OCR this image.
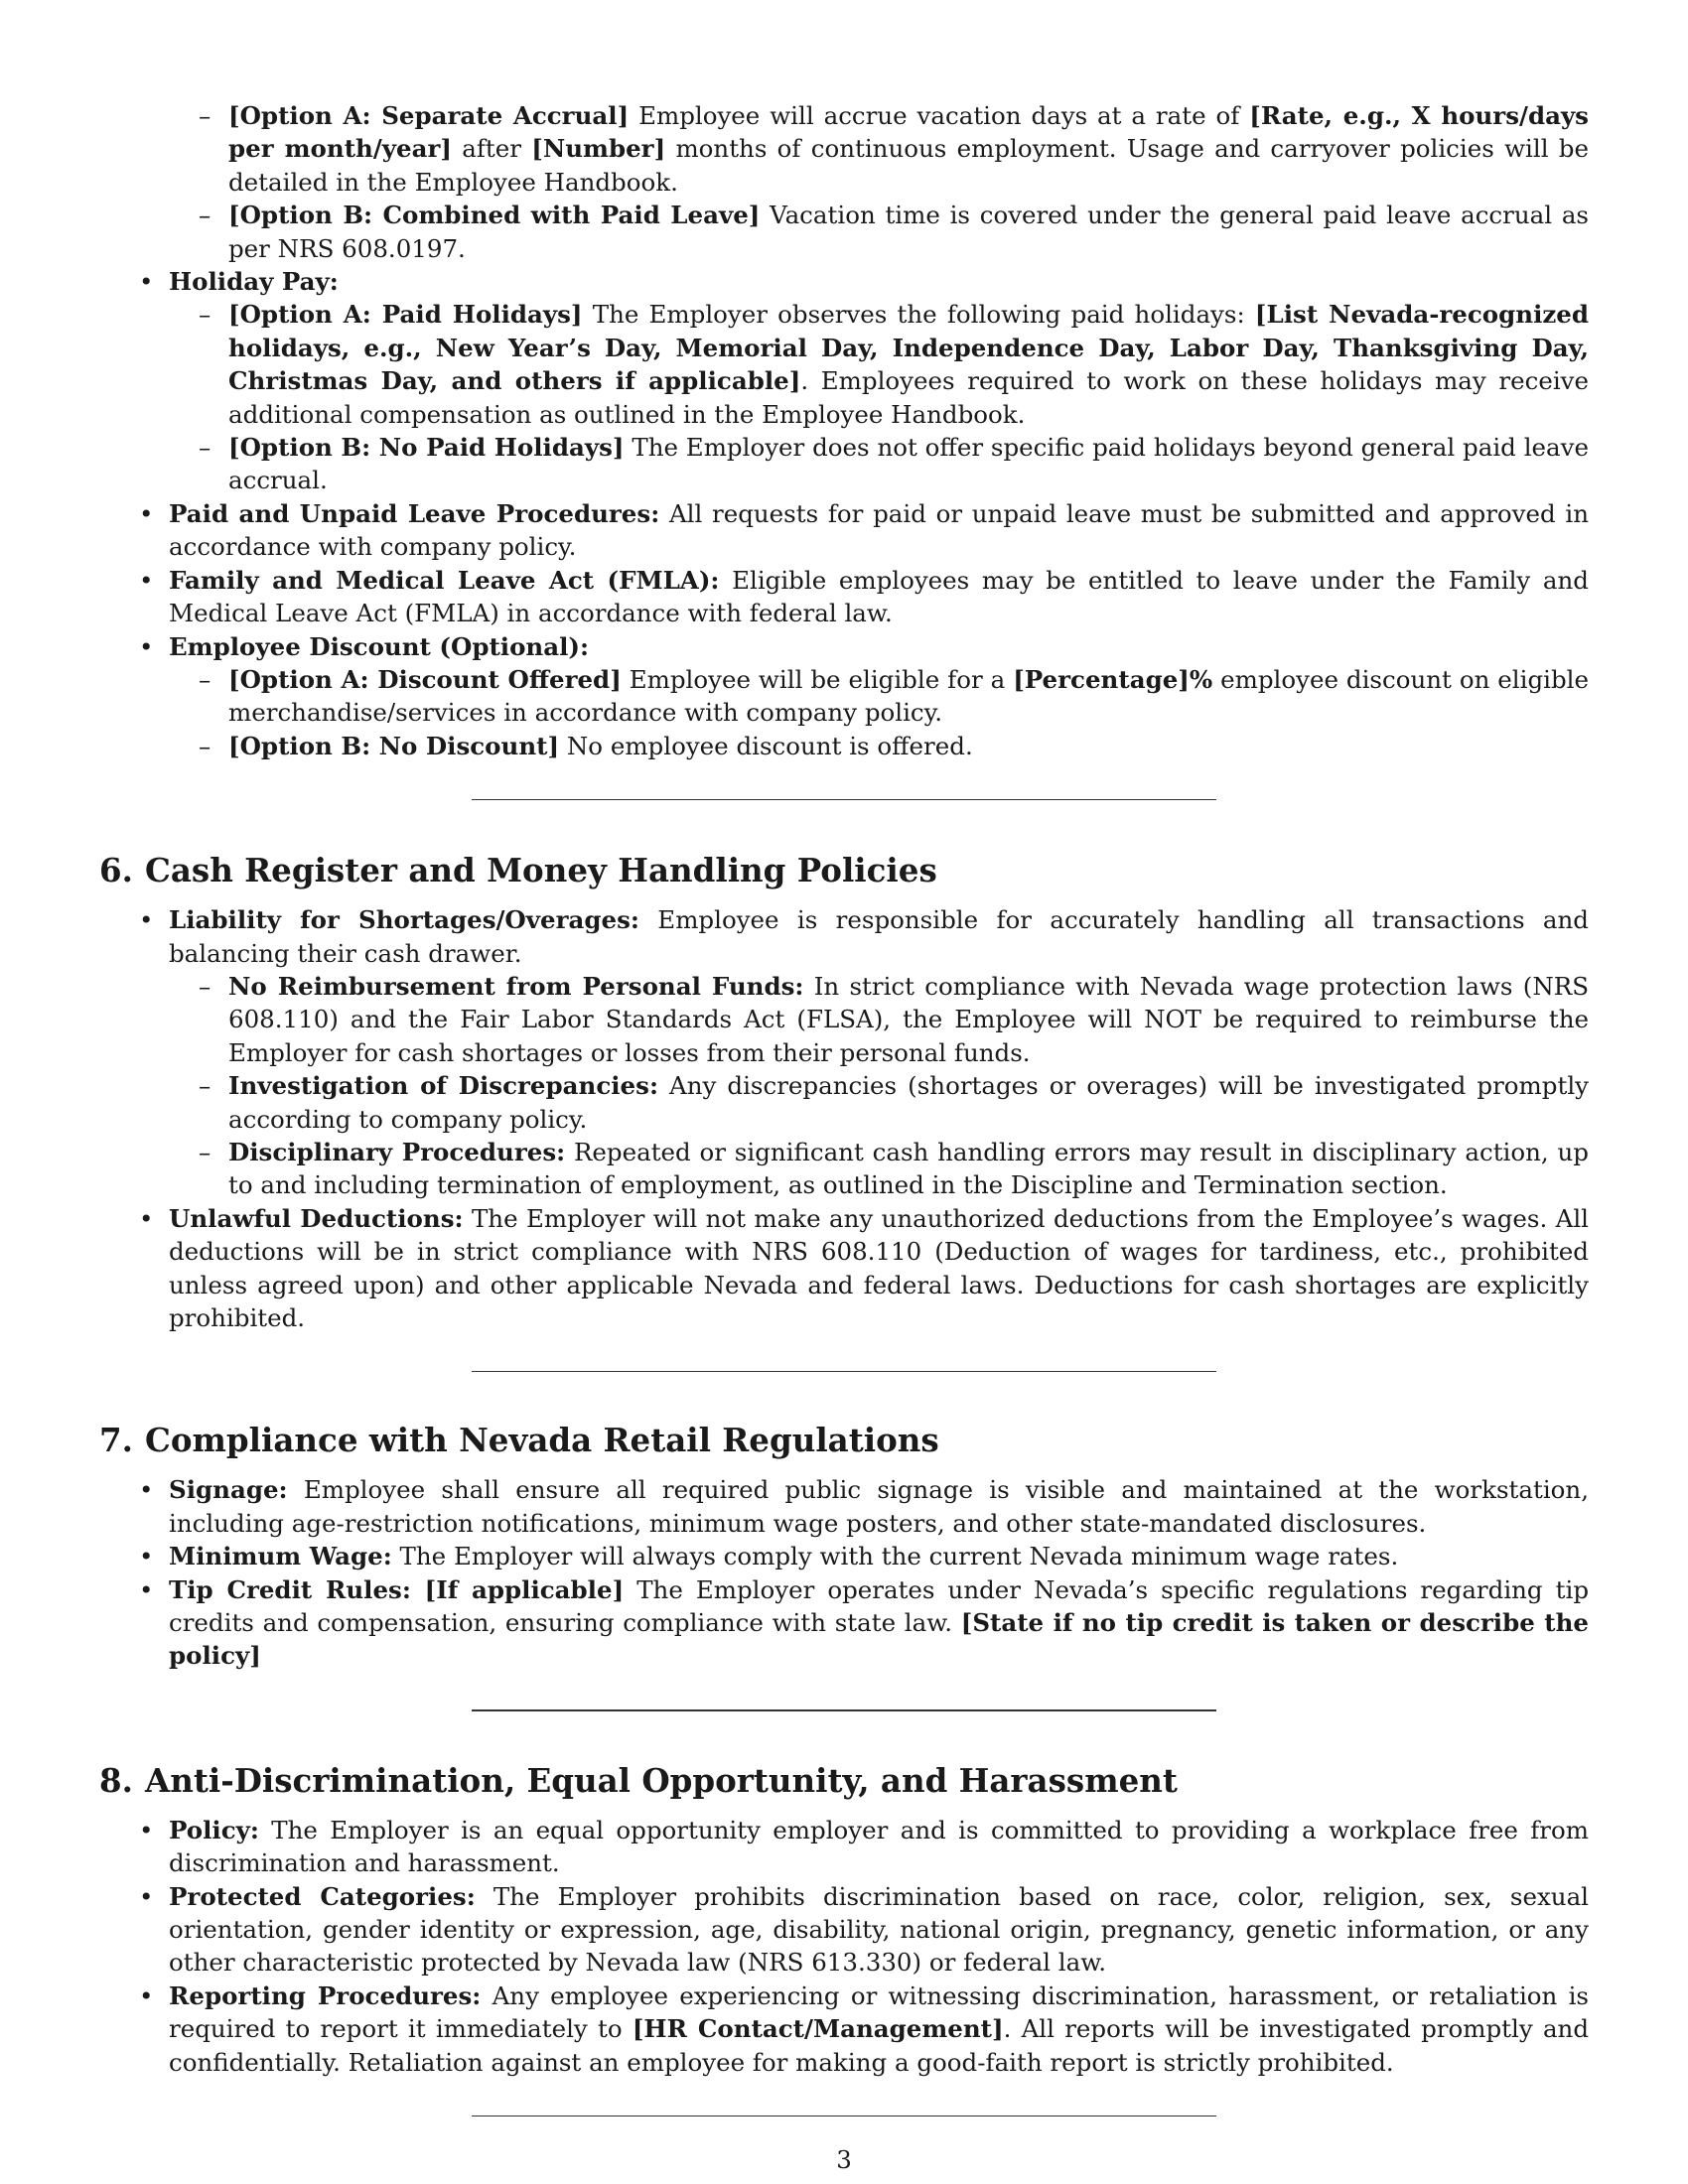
– [Option A: Separate Accrual] Employee will accrue vacation days at a rate of [Rate, e.g., X hours/days per month/year] after [Number] months of continuous employment. Usage and carryover policies will be detailed in the Employee Handbook.
– [Option B: Combined with Paid Leave] Vacation time is covered under the general paid leave accrual as per NRS 608.0197.
• Holiday Pay:
– [Option A: Paid Holidays] The Employer observes the following paid holidays: [List Nevada-recognized holidays, e.g., New Year’s Day, Memorial Day, Independence Day, Labor Day, Thanksgiving Day, Christmas Day, and others if applicable]. Employees required to work on these holidays may receive additional compensation as outlined in the Employee Handbook.
– [Option B: No Paid Holidays] The Employer does not offer specific paid holidays beyond general paid leave accrual.
• Paid and Unpaid Leave Procedures: All requests for paid or unpaid leave must be submitted and approved in accordance with company policy.
• Family and Medical Leave Act (FMLA): Eligible employees may be entitled to leave under the Family and Medical Leave Act (FMLA) in accordance with federal law.
• Employee Discount (Optional):
– [Option A: Discount Offered] Employee will be eligible for a [Percentage]% employee discount on eligible merchandise/services in accordance with company policy.
– [Option B: No Discount] No employee discount is offered.
6. Cash Register and Money Handling Policies
• Liability for Shortages/Overages: Employee is responsible for accurately handling all transactions and balancing their cash drawer.
– No Reimbursement from Personal Funds: In strict compliance with Nevada wage protection laws (NRS 608.110) and the Fair Labor Standards Act (FLSA), the Employee will NOT be required to reimburse the Employer for cash shortages or losses from their personal funds.
– Investigation of Discrepancies: Any discrepancies (shortages or overages) will be investigated promptly according to company policy.
– Disciplinary Procedures: Repeated or significant cash handling errors may result in disciplinary action, up to and including termination of employment, as outlined in the Discipline and Termination section.
• Unlawful Deductions: The Employer will not make any unauthorized deductions from the Employee’s wages. All deductions will be in strict compliance with NRS 608.110 (Deduction of wages for tardiness, etc., prohibited unless agreed upon) and other applicable Nevada and federal laws. Deductions for cash shortages are explicitly prohibited.
7. Compliance with Nevada Retail Regulations
• Signage: Employee shall ensure all required public signage is visible and maintained at the workstation, including age-restriction notifications, minimum wage posters, and other state-mandated disclosures.
• Minimum Wage: The Employer will always comply with the current Nevada minimum wage rates.
• Tip Credit Rules: [If applicable] The Employer operates under Nevada’s specific regulations regarding tip credits and compensation, ensuring compliance with state law. [State if no tip credit is taken or describe the policy]
8. Anti-Discrimination, Equal Opportunity, and Harassment
• Policy: The Employer is an equal opportunity employer and is committed to providing a workplace free from discrimination and harassment.
• Protected Categories: The Employer prohibits discrimination based on race, color, religion, sex, sexual orientation, gender identity or expression, age, disability, national origin, pregnancy, genetic information, or any other characteristic protected by Nevada law (NRS 613.330) or federal law.
• Reporting Procedures: Any employee experiencing or witnessing discrimination, harassment, or retaliation is required to report it immediately to [HR Contact/Management]. All reports will be investigated promptly and confidentially. Retaliation against an employee for making a good-faith report is strictly prohibited.
3
